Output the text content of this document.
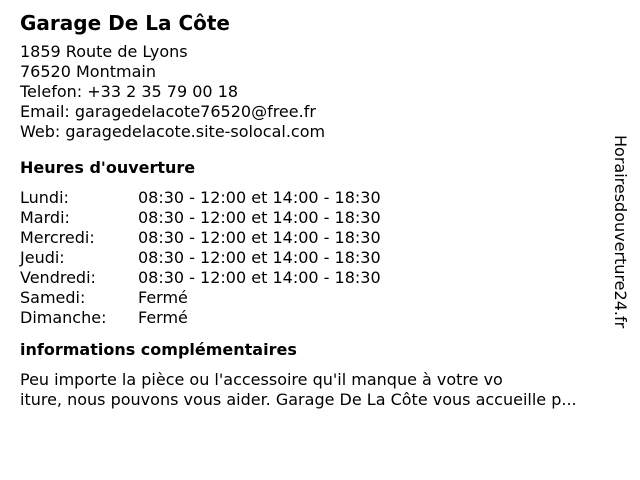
Garage De La Côte
1859 Route de Lyons
76520 Montmain
Telefon: +33 2 35 79 00 18
Email: garagedelacote76520@free.fr
Web: garagedelacote.site-solocal.com
Heures d'ouverture
Lundi:	08:30 - 12:00 et 14:00 - 18:30
Mardi:	08:30 - 12:00 et 14:00 - 18:30
Mercredi:	08:30 - 12:00 et 14:00 - 18:30
Jeudi:	08:30 - 12:00 et 14:00 - 18:30
Vendredi:	08:30 - 12:00 et 14:00 - 18:30
Samedi:	Fermé
Dimanche:	Fermé
informations complémentaires
Peu importe la pièce ou l'accessoire qu'il manque à votre vo
iture, nous pouvons vous aider. Garage De La Côte vous accueille p...
Horairesdouverture24.fr
